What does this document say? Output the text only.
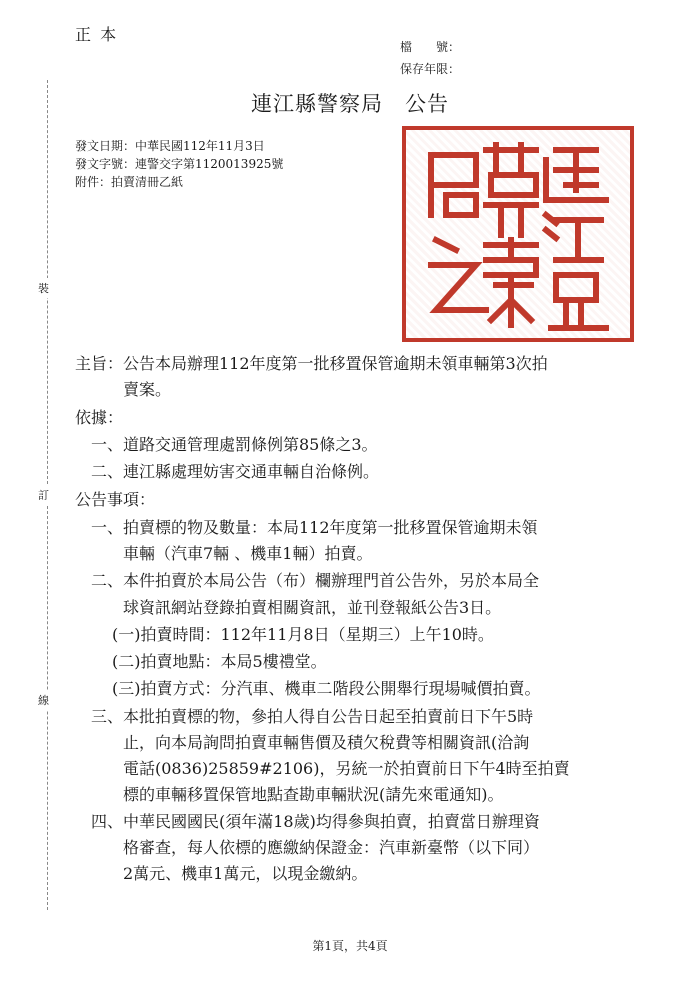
正 本
檔　　號：
保存年限：
裝
訂
線
連江縣警察局　公告
發文日期：中華民國112年11月3日
發文字號：連警交字第1120013925號
附件：拍賣清冊乙紙
主旨：公告本局辦理112年度第一批移置保管逾期未領車輛第3次拍
賣案。
依據：
一、道路交通管理處罰條例第85條之3。
二、連江縣處理妨害交通車輛自治條例。
公告事項：
一、拍賣標的物及數量：本局112年度第一批移置保管逾期未領
車輛（汽車7輛 、機車1輛）拍賣。
二、本件拍賣於本局公告（布）欄辦理門首公告外，另於本局全
球資訊網站登錄拍賣相關資訊，並刊登報紙公告3日。
(一)拍賣時間：112年11月8日（星期三）上午10時。
(二)拍賣地點：本局5樓禮堂。
(三)拍賣方式：分汽車、機車二階段公開舉行現場喊價拍賣。
三、本批拍賣標的物，參拍人得自公告日起至拍賣前日下午5時
止，向本局詢問拍賣車輛售價及積欠稅費等相關資訊(洽詢
電話(0836)25859#2106)，另統一於拍賣前日下午4時至拍賣
標的車輛移置保管地點查勘車輛狀況(請先來電通知)。
四、中華民國國民(須年滿18歲)均得參與拍賣，拍賣當日辦理資
格審查，每人依標的應繳納保證金：汽車新臺幣（以下同）
2萬元、機車1萬元，以現金繳納。
第1頁，共4頁
